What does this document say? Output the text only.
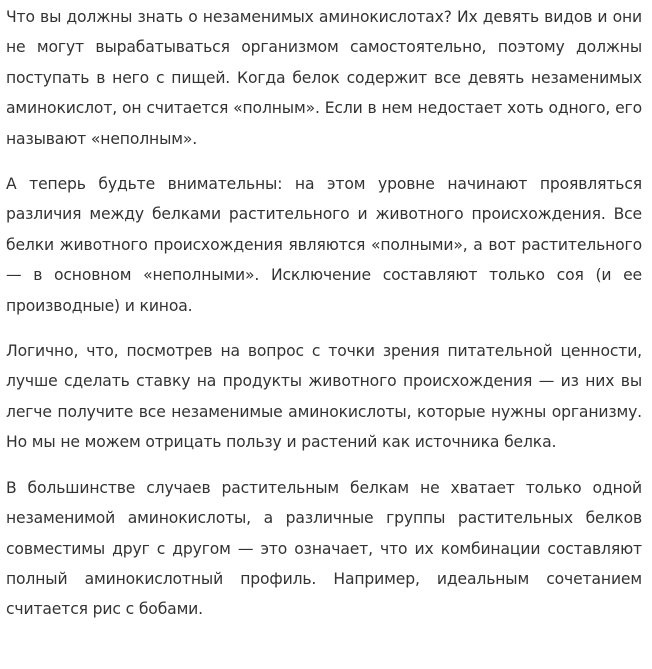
Что вы должны знать о незаменимых аминокислотах? Их девять видов и они не могут вырабатываться организмом самостоятельно, поэтому должны поступать в него с пищей. Когда белок содержит все девять незаменимых аминокислот, он считается «полным». Если в нем недостает хоть одного, его называют «неполным».

А теперь будьте внимательны: на этом уровне начинают проявляться различия между белками растительного и животного происхождения. Все белки животного происхождения являются «полными», а вот растительного — в основном «неполными». Исключение составляют только соя (и ее производные) и киноа.

Логично, что, посмотрев на вопрос с точки зрения питательной ценности, лучше сделать ставку на продукты животного происхождения — из них вы легче получите все незаменимые аминокислоты, которые нужны организму. Но мы не можем отрицать пользу и растений как источника белка.

В большинстве случаев растительным белкам не хватает только одной незаменимой аминокислоты, а различные группы растительных белков совместимы друг с другом — это означает, что их комбинации составляют полный аминокислотный профиль. Например, идеальным сочетанием считается рис с бобами.
